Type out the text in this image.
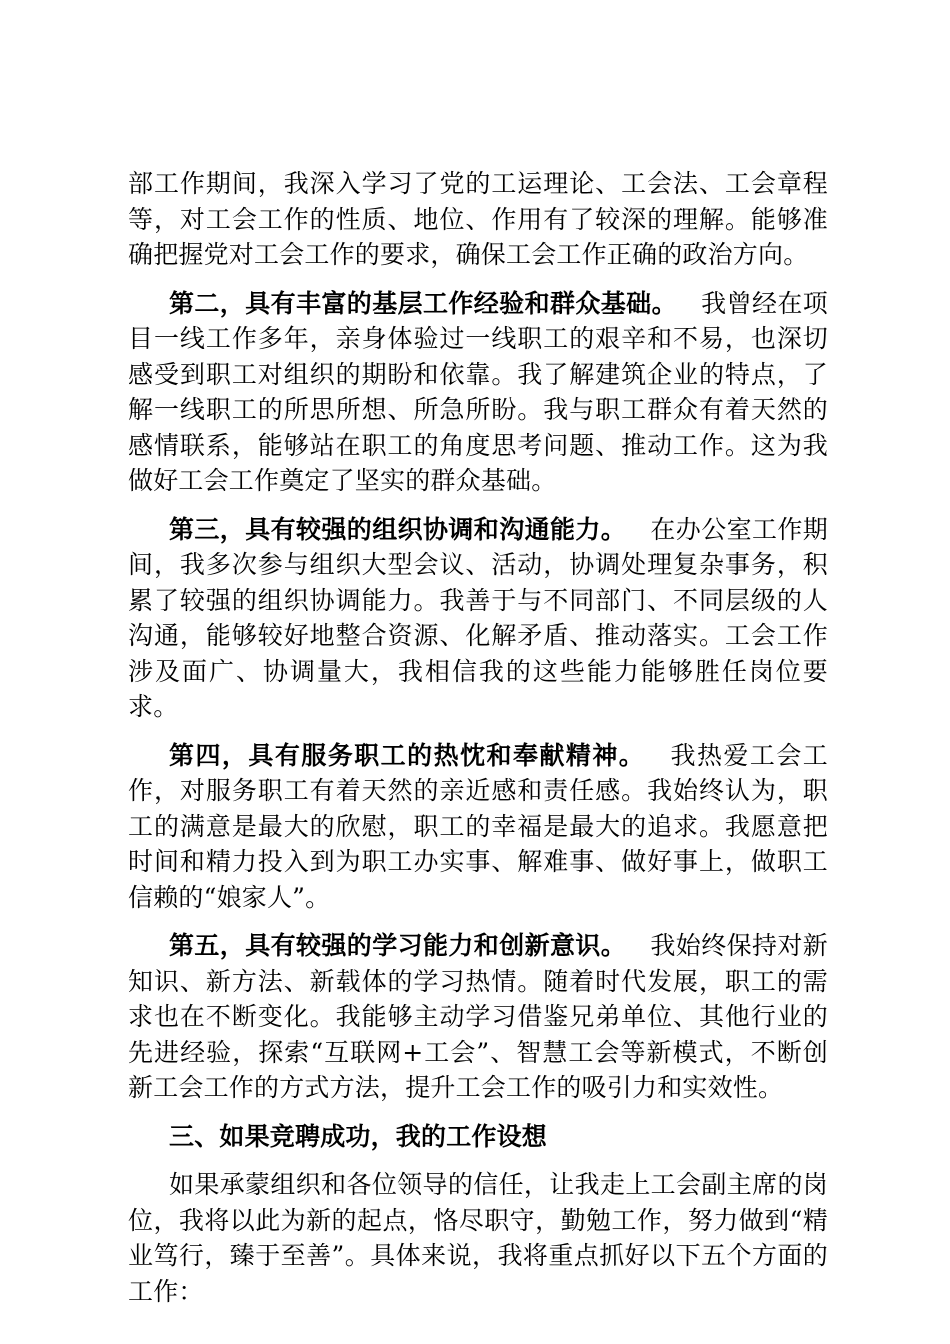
部工作期间，我深入学习了党的工运理论、工会法、工会章程等，对工会工作的性质、地位、作用有了较深的理解。能够准确把握党对工会工作的要求，确保工会工作正确的政治方向。

第二，具有丰富的基层工作经验和群众基础。 我曾经在项目一线工作多年，亲身体验过一线职工的艰辛和不易，也深切感受到职工对组织的期盼和依靠。我了解建筑企业的特点，了解一线职工的所思所想、所急所盼。我与职工群众有着天然的感情联系，能够站在职工的角度思考问题、推动工作。这为我做好工会工作奠定了坚实的群众基础。

第三，具有较强的组织协调和沟通能力。 在办公室工作期间，我多次参与组织大型会议、活动，协调处理复杂事务，积累了较强的组织协调能力。我善于与不同部门、不同层级的人沟通，能够较好地整合资源、化解矛盾、推动落实。工会工作涉及面广、协调量大，我相信我的这些能力能够胜任岗位要求。

第四，具有服务职工的热忱和奉献精神。 我热爱工会工作，对服务职工有着天然的亲近感和责任感。我始终认为，职工的满意是最大的欣慰，职工的幸福是最大的追求。我愿意把时间和精力投入到为职工办实事、解难事、做好事上，做职工信赖的“娘家人”。

第五，具有较强的学习能力和创新意识。 我始终保持对新知识、新方法、新载体的学习热情。随着时代发展，职工的需求也在不断变化。我能够主动学习借鉴兄弟单位、其他行业的先进经验，探索“互联网+工会”、智慧工会等新模式，不断创新工会工作的方式方法，提升工会工作的吸引力和实效性。

三、如果竞聘成功，我的工作设想

如果承蒙组织和各位领导的信任，让我走上工会副主席的岗位，我将以此为新的起点，恪尽职守，勤勉工作，努力做到“精业笃行，臻于至善”。具体来说，我将重点抓好以下五个方面的工作：
